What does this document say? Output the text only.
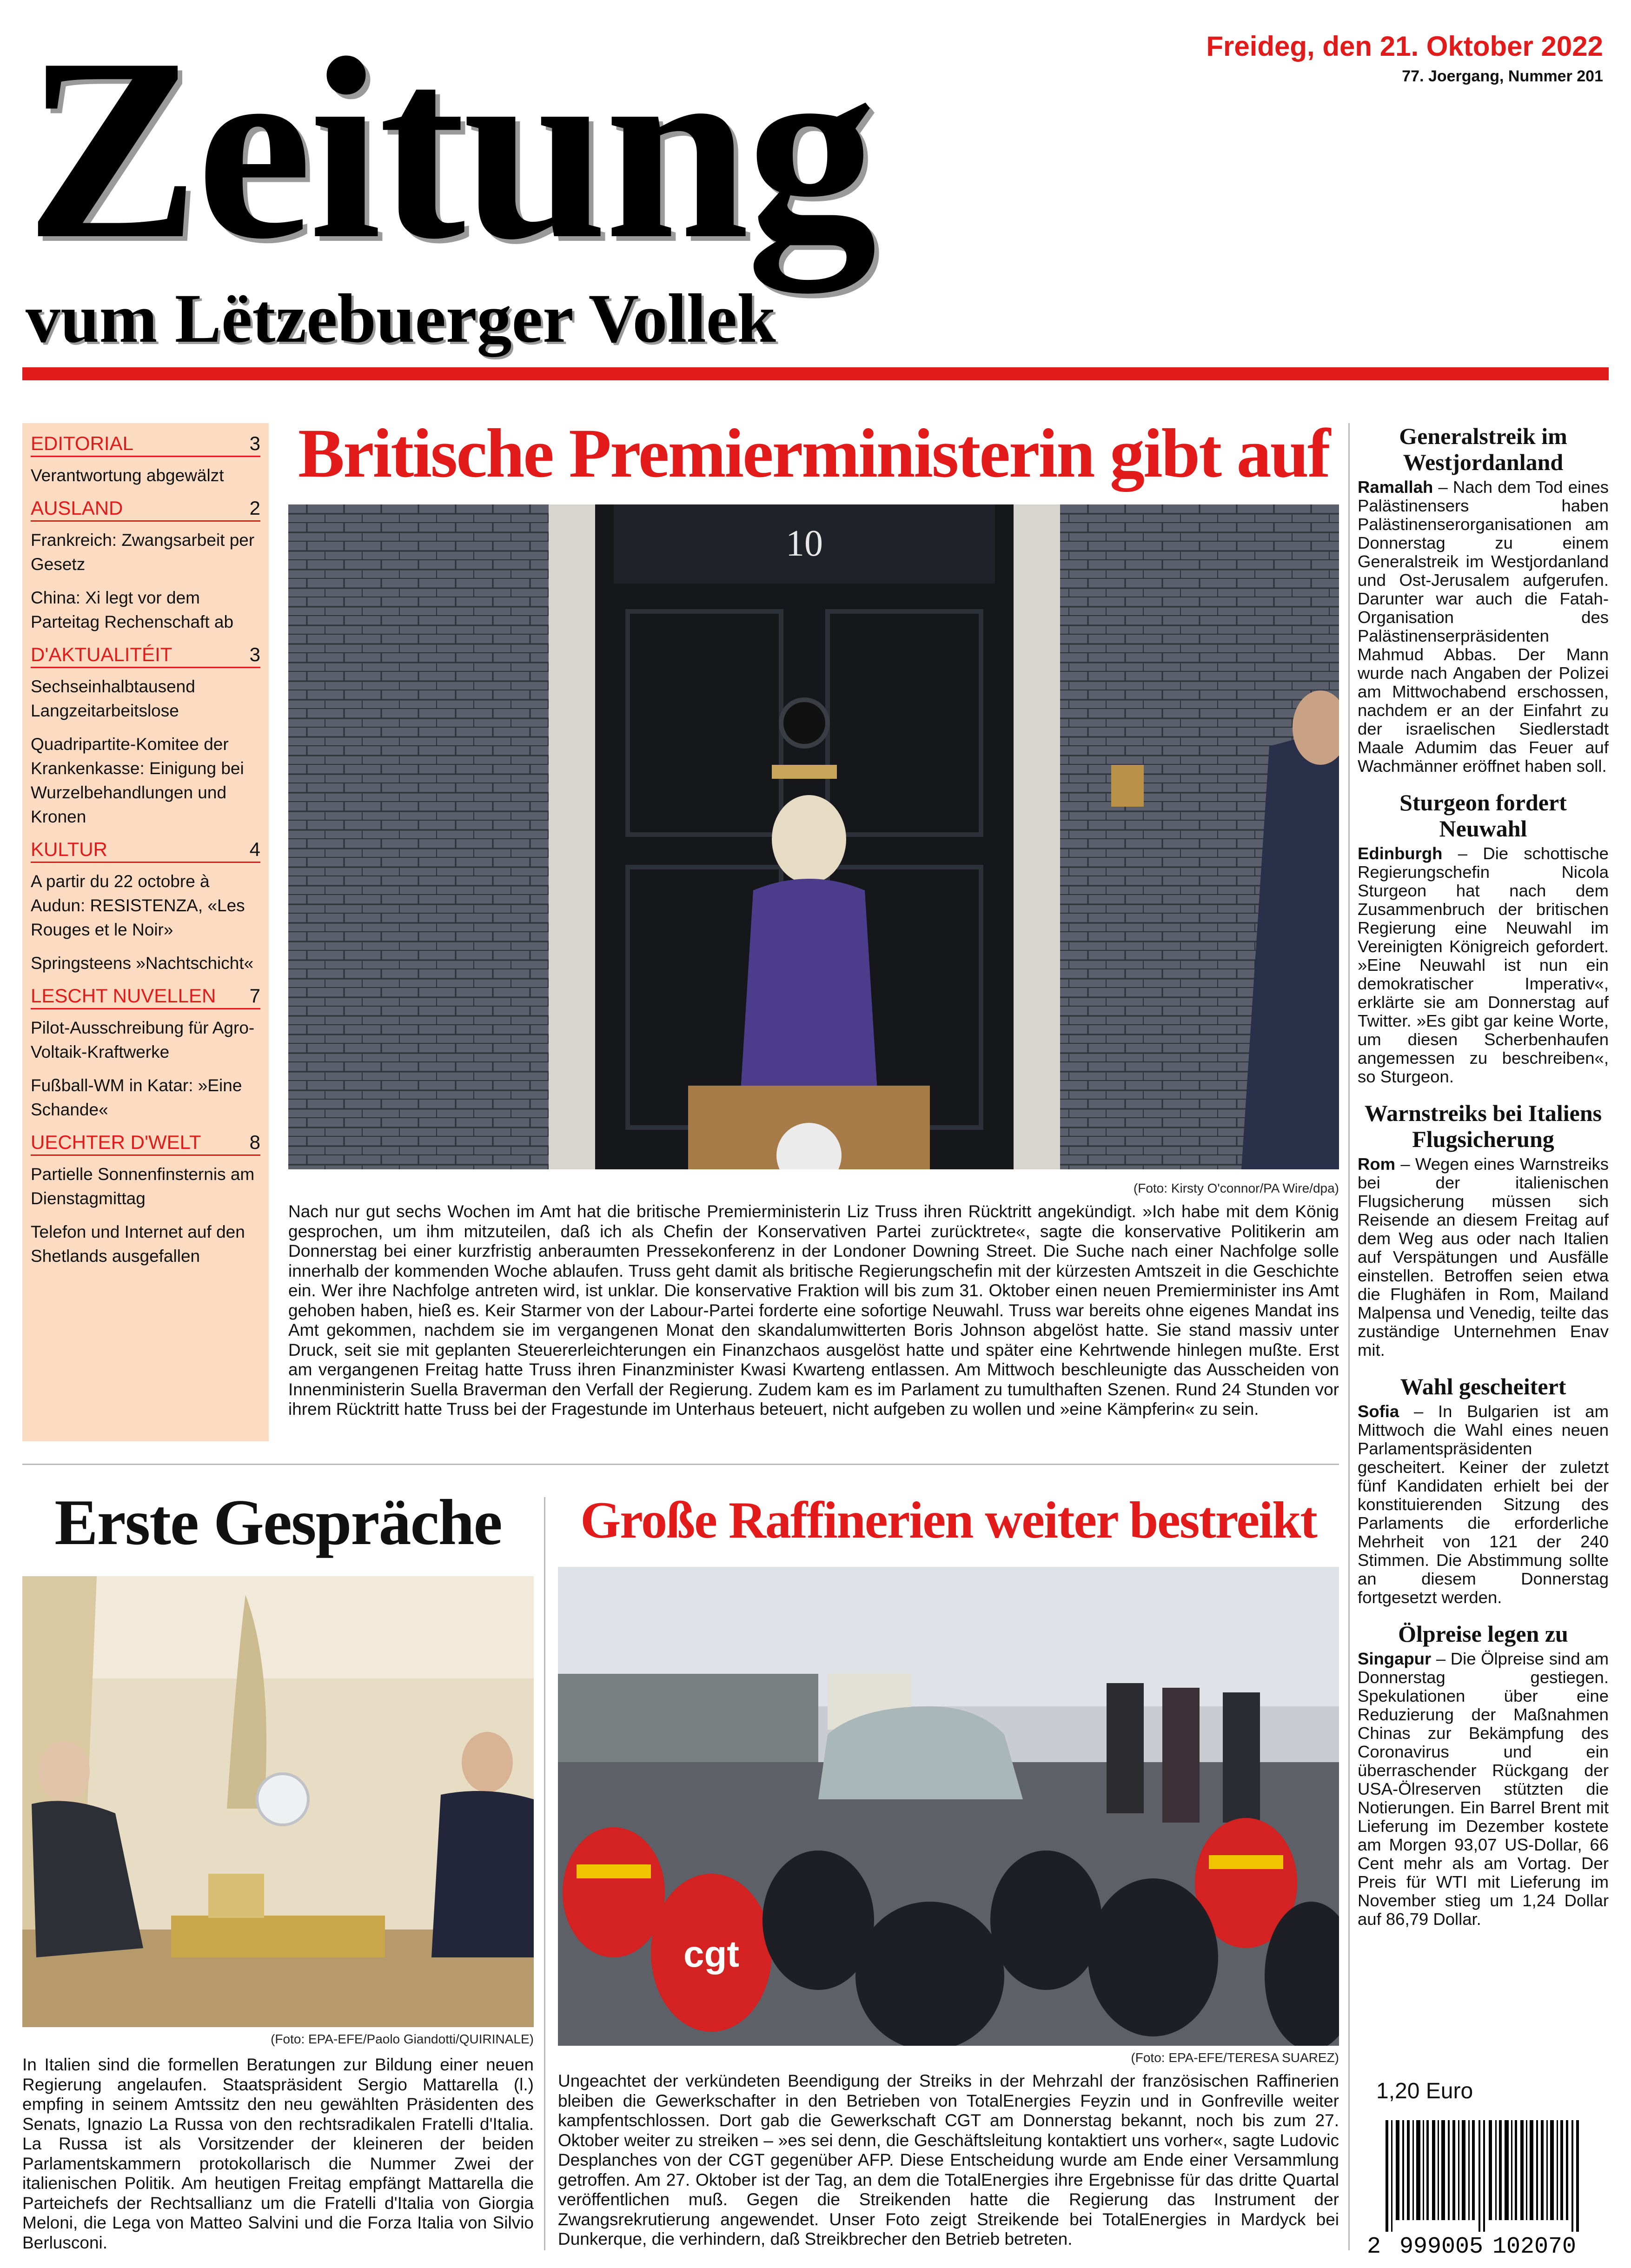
Zeitung
vum Lëtzebuerger Vollek
Freideg, den 21. Oktober 2022
77. Joergang, Nummer 201
EDITORIAL	3
Verantwortung abgewälzt
AUSLAND	2
Frankreich: Zwangsarbeit per Gesetz
China: Xi legt vor dem Parteitag Rechenschaft ab
D'AKTUALITÉIT	3
Sechseinhalbtausend Langzeitarbeitslose
Quadripartite-Komitee der Krankenkasse: Einigung bei Wurzelbehandlungen und Kronen
KULTUR	4
A partir du 22 octobre à Audun: RESISTENZA, «Les Rouges et le Noir»
Springsteens »Nachtschicht«
LESCHT NUVELLEN 7
Pilot-Ausschreibung für Agro-Voltaik-Kraftwerke
Fußball-WM in Katar: »Eine Schande«
UECHTER D'WELT 8
Partielle Sonnenfinsternis am Dienstagmittag
Telefon und Internet auf den Shetlands ausgefallen
Britische Premierministerin gibt auf
10
(Foto: Kirsty O'connor/PA Wire/dpa)
Nach nur gut sechs Wochen im Amt hat die britische Premierministerin Liz Truss ihren Rücktritt angekündigt. »Ich habe mit dem König gesprochen, um ihm mitzuteilen, daß ich als Chefin der Konservativen Partei zurücktrete«, sagte die konservative Politikerin am Donnerstag bei einer kurzfristig anberaumten Pressekonferenz in der Londoner Downing Street. Die Suche nach einer Nachfolge solle innerhalb der kommenden Woche ablaufen. Truss geht damit als britische Regierungschefin mit der kürzesten Amtszeit in die Geschichte ein. Wer ihre Nachfolge antreten wird, ist unklar. Die konservative Fraktion will bis zum 31. Oktober einen neuen Premierminister ins Amt gehoben haben, hieß es. Keir Starmer von der Labour-Partei forderte eine sofortige Neuwahl. Truss war bereits ohne eigenes Mandat ins Amt gekommen, nachdem sie im vergangenen Monat den skandalumwitterten Boris Johnson abgelöst hatte. Sie stand massiv unter Druck, seit sie mit geplanten Steuererleichterungen ein Finanzchaos ausgelöst hatte und später eine Kehrtwende hinlegen mußte. Erst am vergangenen Freitag hatte Truss ihren Finanzminister Kwasi Kwarteng entlassen. Am Mittwoch beschleunigte das Ausscheiden von Innenministerin Suella Braverman den Verfall der Regierung. Zudem kam es im Parlament zu tumulthaften Szenen. Rund 24 Stunden vor ihrem Rücktritt hatte Truss bei der Fragestunde im Unterhaus beteuert, nicht aufgeben zu wollen und »eine Kämpferin« zu sein.
Erste Gespräche
(Foto: EPA-EFE/Paolo Giandotti/QUIRINALE)
In Italien sind die formellen Beratungen zur Bildung einer neuen Regierung angelaufen. Staatspräsident Sergio Mattarella (l.) empfing in seinem Amtssitz den neu gewählten Präsidenten des Senats, Ignazio La Russa von den rechtsradikalen Fratelli d'Italia. La Russa ist als Vorsitzender der kleineren der beiden Parlamentskammern protokollarisch die Nummer Zwei der italienischen Politik. Am heutigen Freitag empfängt Mattarella die Parteichefs der Rechtsallianz um die Fratelli d'Italia von Giorgia Meloni, die Lega von Matteo Salvini und die Forza Italia von Silvio Berlusconi.
Große Raffinerien weiter bestreikt
cgt
(Foto: EPA-EFE/TERESA SUAREZ)
Ungeachtet der verkündeten Beendigung der Streiks in der Mehrzahl der französischen Raffinerien bleiben die Gewerkschafter in den Betrieben von TotalEnergies Feyzin und in Gonfreville weiter kampfentschlossen. Dort gab die Gewerkschaft CGT am Donnerstag bekannt, noch bis zum 27. Oktober weiter zu streiken – »es sei denn, die Geschäftsleitung kontaktiert uns vorher«, sagte Ludovic Desplanches von der CGT gegenüber AFP. Diese Entscheidung wurde am Ende einer Versammlung getroffen. Am 27. Oktober ist der Tag, an dem die TotalEnergies ihre Ergebnisse für das dritte Quartal veröffentlichen muß. Gegen die Streikenden hatte die Regierung das Instrument der Zwangsrekrutierung angewendet. Unser Foto zeigt Streikende bei TotalEnergies in Mardyck bei Dunkerque, die verhindern, daß Streikbrecher den Betrieb betreten.
Generalstreik im Westjordanland
Ramallah – Nach dem Tod eines Palästinensers haben Palästinenserorganisationen am Donnerstag zu einem Generalstreik im Westjordanland und Ost-Jerusalem aufgerufen. Darunter war auch die Fatah-Organisation des Palästinenserpräsidenten Mahmud Abbas. Der Mann wurde nach Angaben der Polizei am Mittwochabend erschossen, nachdem er an der Einfahrt zu der israelischen Siedlerstadt Maale Adumim das Feuer auf Wachmänner eröffnet haben soll.
Sturgeon fordert Neuwahl
Edinburgh – Die schottische Regierungschefin Nicola Sturgeon hat nach dem Zusammenbruch der britischen Regierung eine Neuwahl im Vereinigten Königreich gefordert. »Eine Neuwahl ist nun ein demokratischer Imperativ«, erklärte sie am Donnerstag auf Twitter. »Es gibt gar keine Worte, um diesen Scherbenhaufen angemessen zu beschreiben«, so Sturgeon.
Warnstreiks bei Italiens Flugsicherung
Rom – Wegen eines Warnstreiks bei der italienischen Flugsicherung müssen sich Reisende an diesem Freitag auf dem Weg aus oder nach Italien auf Verspätungen und Ausfälle einstellen. Betroffen seien etwa die Flughäfen in Rom, Mailand Malpensa und Venedig, teilte das zuständige Unternehmen Enav mit.
Wahl gescheitert
Sofia – In Bulgarien ist am Mittwoch die Wahl eines neuen Parlamentspräsidenten gescheitert. Keiner der zuletzt fünf Kandidaten erhielt bei der konstituierenden Sitzung des Parlaments die erforderliche Mehrheit von 121 der 240 Stimmen. Die Abstimmung sollte an diesem Donnerstag fortgesetzt werden.
Ölpreise legen zu
Singapur – Die Ölpreise sind am Donnerstag gestiegen. Spekulationen über eine Reduzierung der Maßnahmen Chinas zur Bekämpfung des Coronavirus und ein überraschender Rückgang der USA-Ölreserven stützten die Notierungen. Ein Barrel Brent mit Lieferung im Dezember kostete am Morgen 93,07 US-Dollar, 66 Cent mehr als am Vortag. Der Preis für WTI mit Lieferung im November stieg um 1,24 Dollar auf 86,79 Dollar.
1,20 Euro
2 999005 102070
